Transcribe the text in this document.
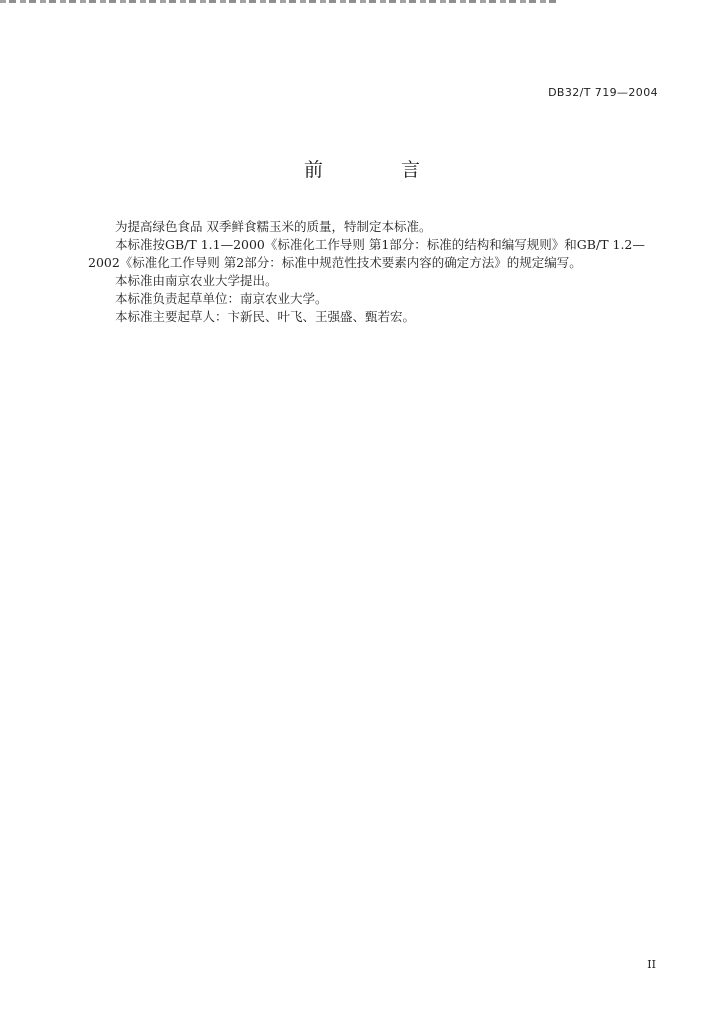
DB32/T 719—2004
前 言

为提高绿色食品 双季鲜食糯玉米的质量，特制定本标准。

本标准按GB/T 1.1—2000《标准化工作导则 第1部分：标准的结构和编写规则》和GB/T 1.2—2002《标准化工作导则 第2部分：标准中规范性技术要素内容的确定方法》的规定编写。

本标准由南京农业大学提出。

本标准负责起草单位：南京农业大学。

本标准主要起草人：卞新民、叶飞、王强盛、甄若宏。

II
